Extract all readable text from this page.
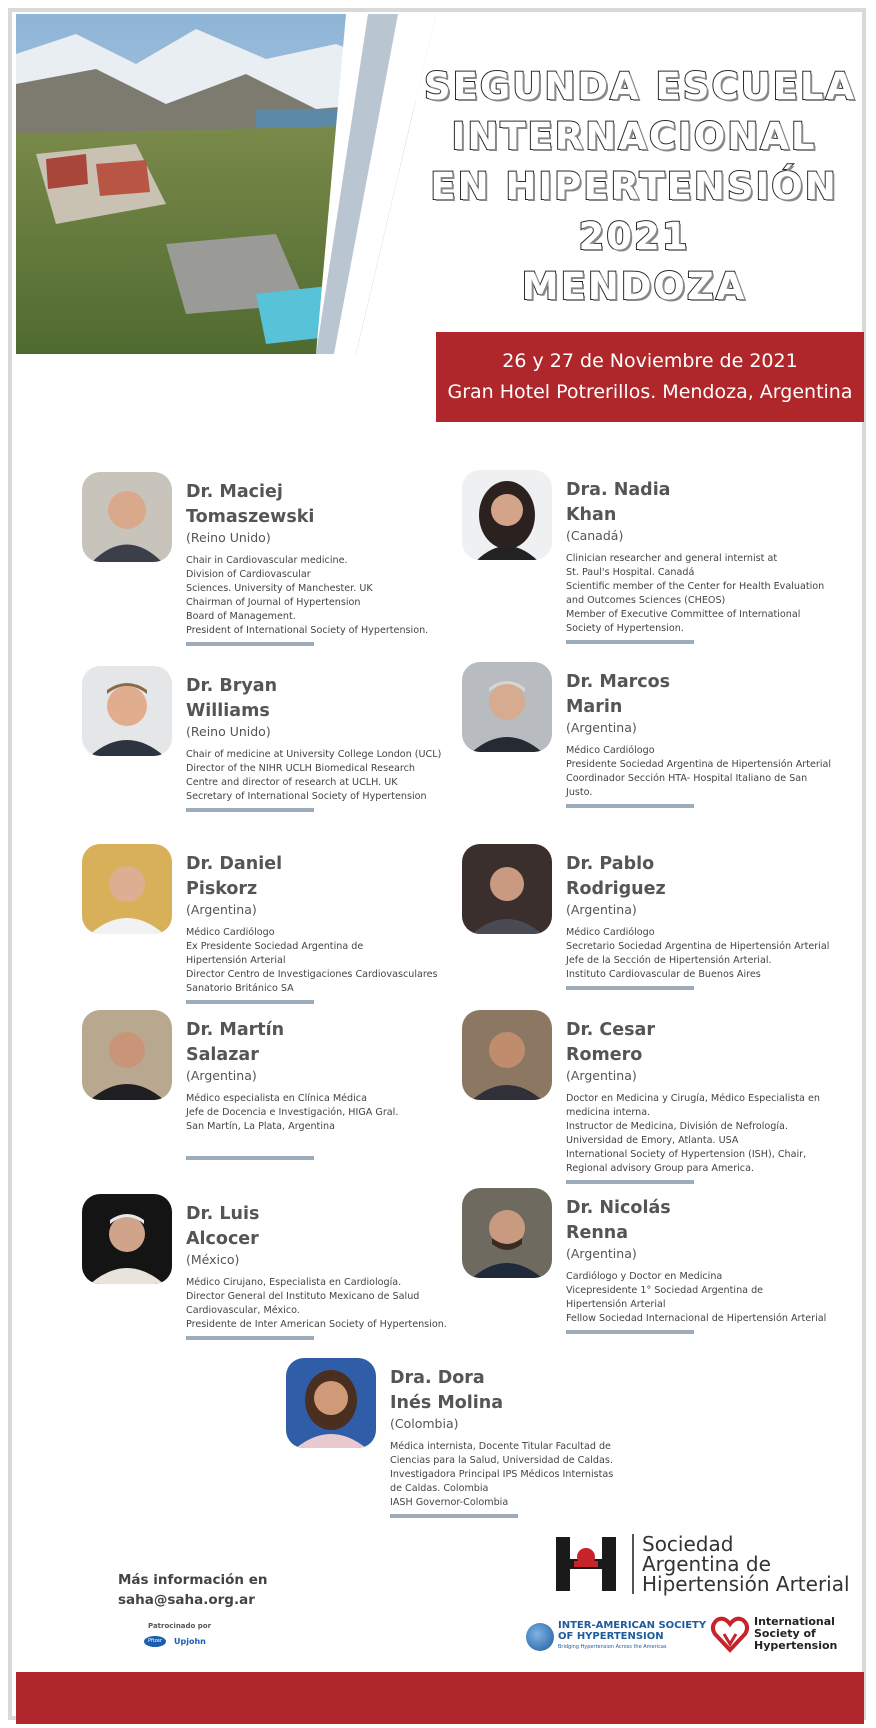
SEGUNDA ESCUELA
INTERNACIONAL
EN HIPERTENSIÓN
2021
MENDOZA
26 y 27 de Noviembre de 2021
Gran Hotel Potrerillos. Mendoza, Argentina
Dr. Maciej
Tomaszewski
(Reino Unido)
Chair in Cardiovascular medicine.
Division of Cardiovascular
Sciences. University of Manchester. UK
Chairman of Journal of Hypertension
Board of Management.
President of International Society of Hypertension.
Dra. Nadia
Khan
(Canadá)
Clinician researcher and general internist at
St. Paul's Hospital. Canadá
Scientific member of the Center for Health Evaluation
and Outcomes Sciences (CHEOS)
Member of Executive Committee of International
Society of Hypertension.
Dr. Bryan
Williams
(Reino Unido)
Chair of medicine at University College London (UCL)
Director of the NIHR UCLH Biomedical Research
Centre and director of research at UCLH. UK
Secretary of International Society of Hypertension
Dr. Marcos
Marin
(Argentina)
Médico Cardiólogo
Presidente Sociedad Argentina de Hipertensión Arterial
Coordinador Sección HTA- Hospital Italiano de San Justo.
Dr. Daniel
Piskorz
(Argentina)
Médico Cardiólogo
Ex Presidente Sociedad Argentina de
Hipertensión Arterial
Director Centro de Investigaciones Cardiovasculares
Sanatorio Británico SA
Dr. Pablo
Rodriguez
(Argentina)
Médico Cardiólogo
Secretario Sociedad Argentina de Hipertensión Arterial
Jefe de la Sección de Hipertensión Arterial.
Instituto Cardiovascular de Buenos Aires
Dr. Martín
Salazar
(Argentina)
Médico especialista en Clínica Médica
Jefe de Docencia e Investigación, HIGA Gral.
San Martín, La Plata, Argentina
Dr. Cesar
Romero
(Argentina)
Doctor en Medicina y Cirugía, Médico Especialista en
medicina interna.
Instructor de Medicina, División de Nefrología.
Universidad de Emory, Atlanta. USA
International Society of Hypertension (ISH), Chair,
Regional advisory Group para America.
Dr. Luis
Alcocer
(México)
Médico Cirujano, Especialista en Cardiología.
Director General del Instituto Mexicano de Salud
Cardiovascular, México.
Presidente de Inter American Society of Hypertension.
Dr. Nicolás
Renna
(Argentina)
Cardiólogo y Doctor en Medicina
Vicepresidente 1° Sociedad Argentina de
Hipertensión Arterial
Fellow Sociedad Internacional de Hipertensión Arterial
Dra. Dora
Inés Molina
(Colombia)
Médica internista, Docente Titular Facultad de
Ciencias para la Salud, Universidad de Caldas.
Investigadora Principal IPS Médicos Internistas
de Caldas. Colombia
IASH Governor-Colombia
Más información en
saha@saha.org.ar
Patrocinado por
Pfizer	Upjohn
Sociedad
Argentina de
Hipertensión Arterial
INTER-AMERICAN SOCIETY
OF HYPERTENSION
Bridging Hypertension Across the Americas
International
Society of
Hypertension
